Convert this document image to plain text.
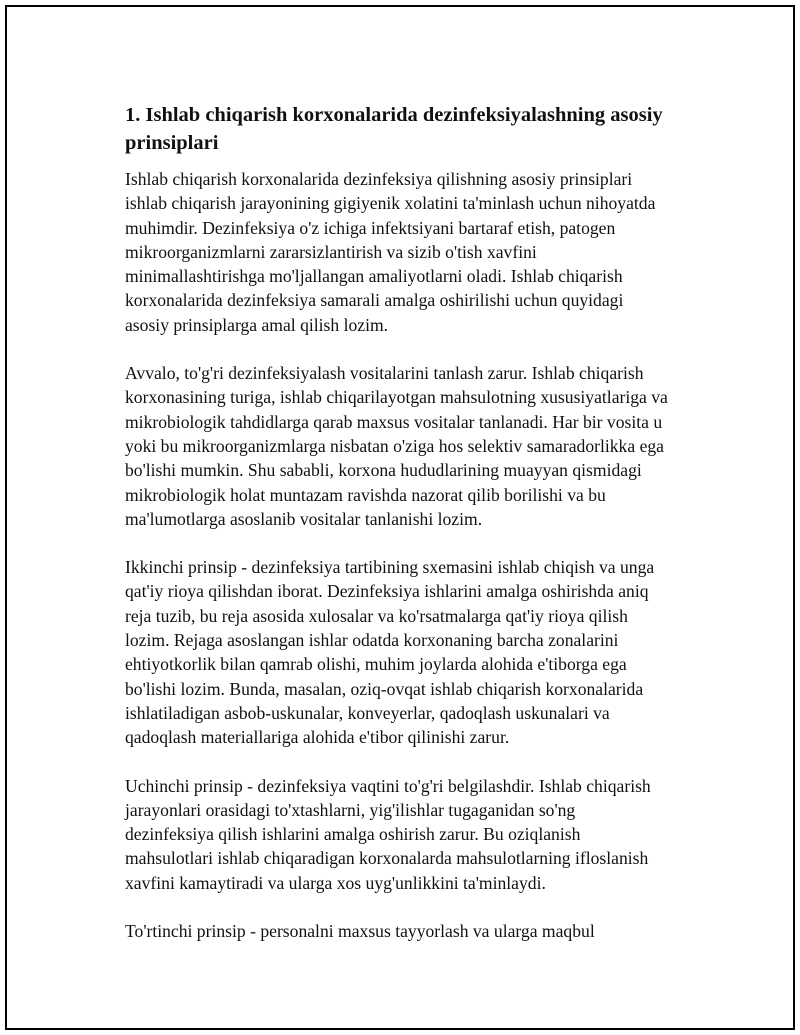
1. Ishlab chiqarish korxonalarida dezinfeksiyalashning asosiy
prinsiplari

Ishlab chiqarish korxonalarida dezinfeksiya qilishning asosiy prinsiplari
ishlab chiqarish jarayonining gigiyenik xolatini ta'minlash uchun nihoyatda
muhimdir. Dezinfeksiya o'z ichiga infektsiyani bartaraf etish, patogen
mikroorganizmlarni zararsizlantirish va sizib o'tish xavfini
minimallashtirishga mo'ljallangan amaliyotlarni oladi. Ishlab chiqarish
korxonalarida dezinfeksiya samarali amalga oshirilishi uchun quyidagi
asosiy prinsiplarga amal qilish lozim.

Avvalo, to'g'ri dezinfeksiyalash vositalarini tanlash zarur. Ishlab chiqarish
korxonasining turiga, ishlab chiqarilayotgan mahsulotning xususiyatlariga va
mikrobiologik tahdidlarga qarab maxsus vositalar tanlanadi. Har bir vosita u
yoki bu mikroorganizmlarga nisbatan o'ziga hos selektiv samaradorlikka ega
bo'lishi mumkin. Shu sababli, korxona hududlarining muayyan qismidagi
mikrobiologik holat muntazam ravishda nazorat qilib borilishi va bu
ma'lumotlarga asoslanib vositalar tanlanishi lozim.

Ikkinchi prinsip - dezinfeksiya tartibining sxemasini ishlab chiqish va unga
qat'iy rioya qilishdan iborat. Dezinfeksiya ishlarini amalga oshirishda aniq
reja tuzib, bu reja asosida xulosalar va ko'rsatmalarga qat'iy rioya qilish
lozim. Rejaga asoslangan ishlar odatda korxonaning barcha zonalarini
ehtiyotkorlik bilan qamrab olishi, muhim joylarda alohida e'tiborga ega
bo'lishi lozim. Bunda, masalan, oziq-ovqat ishlab chiqarish korxonalarida
ishlatiladigan asbob-uskunalar, konveyerlar, qadoqlash uskunalari va
qadoqlash materiallariga alohida e'tibor qilinishi zarur.

Uchinchi prinsip - dezinfeksiya vaqtini to'g'ri belgilashdir. Ishlab chiqarish
jarayonlari orasidagi to'xtashlarni, yig'ilishlar tugaganidan so'ng
dezinfeksiya qilish ishlarini amalga oshirish zarur. Bu oziqlanish
mahsulotlari ishlab chiqaradigan korxonalarda mahsulotlarning ifloslanish
xavfini kamaytiradi va ularga xos uyg'unlikkini ta'minlaydi.

To'rtinchi prinsip - personalni maxsus tayyorlash va ularga maqbul
